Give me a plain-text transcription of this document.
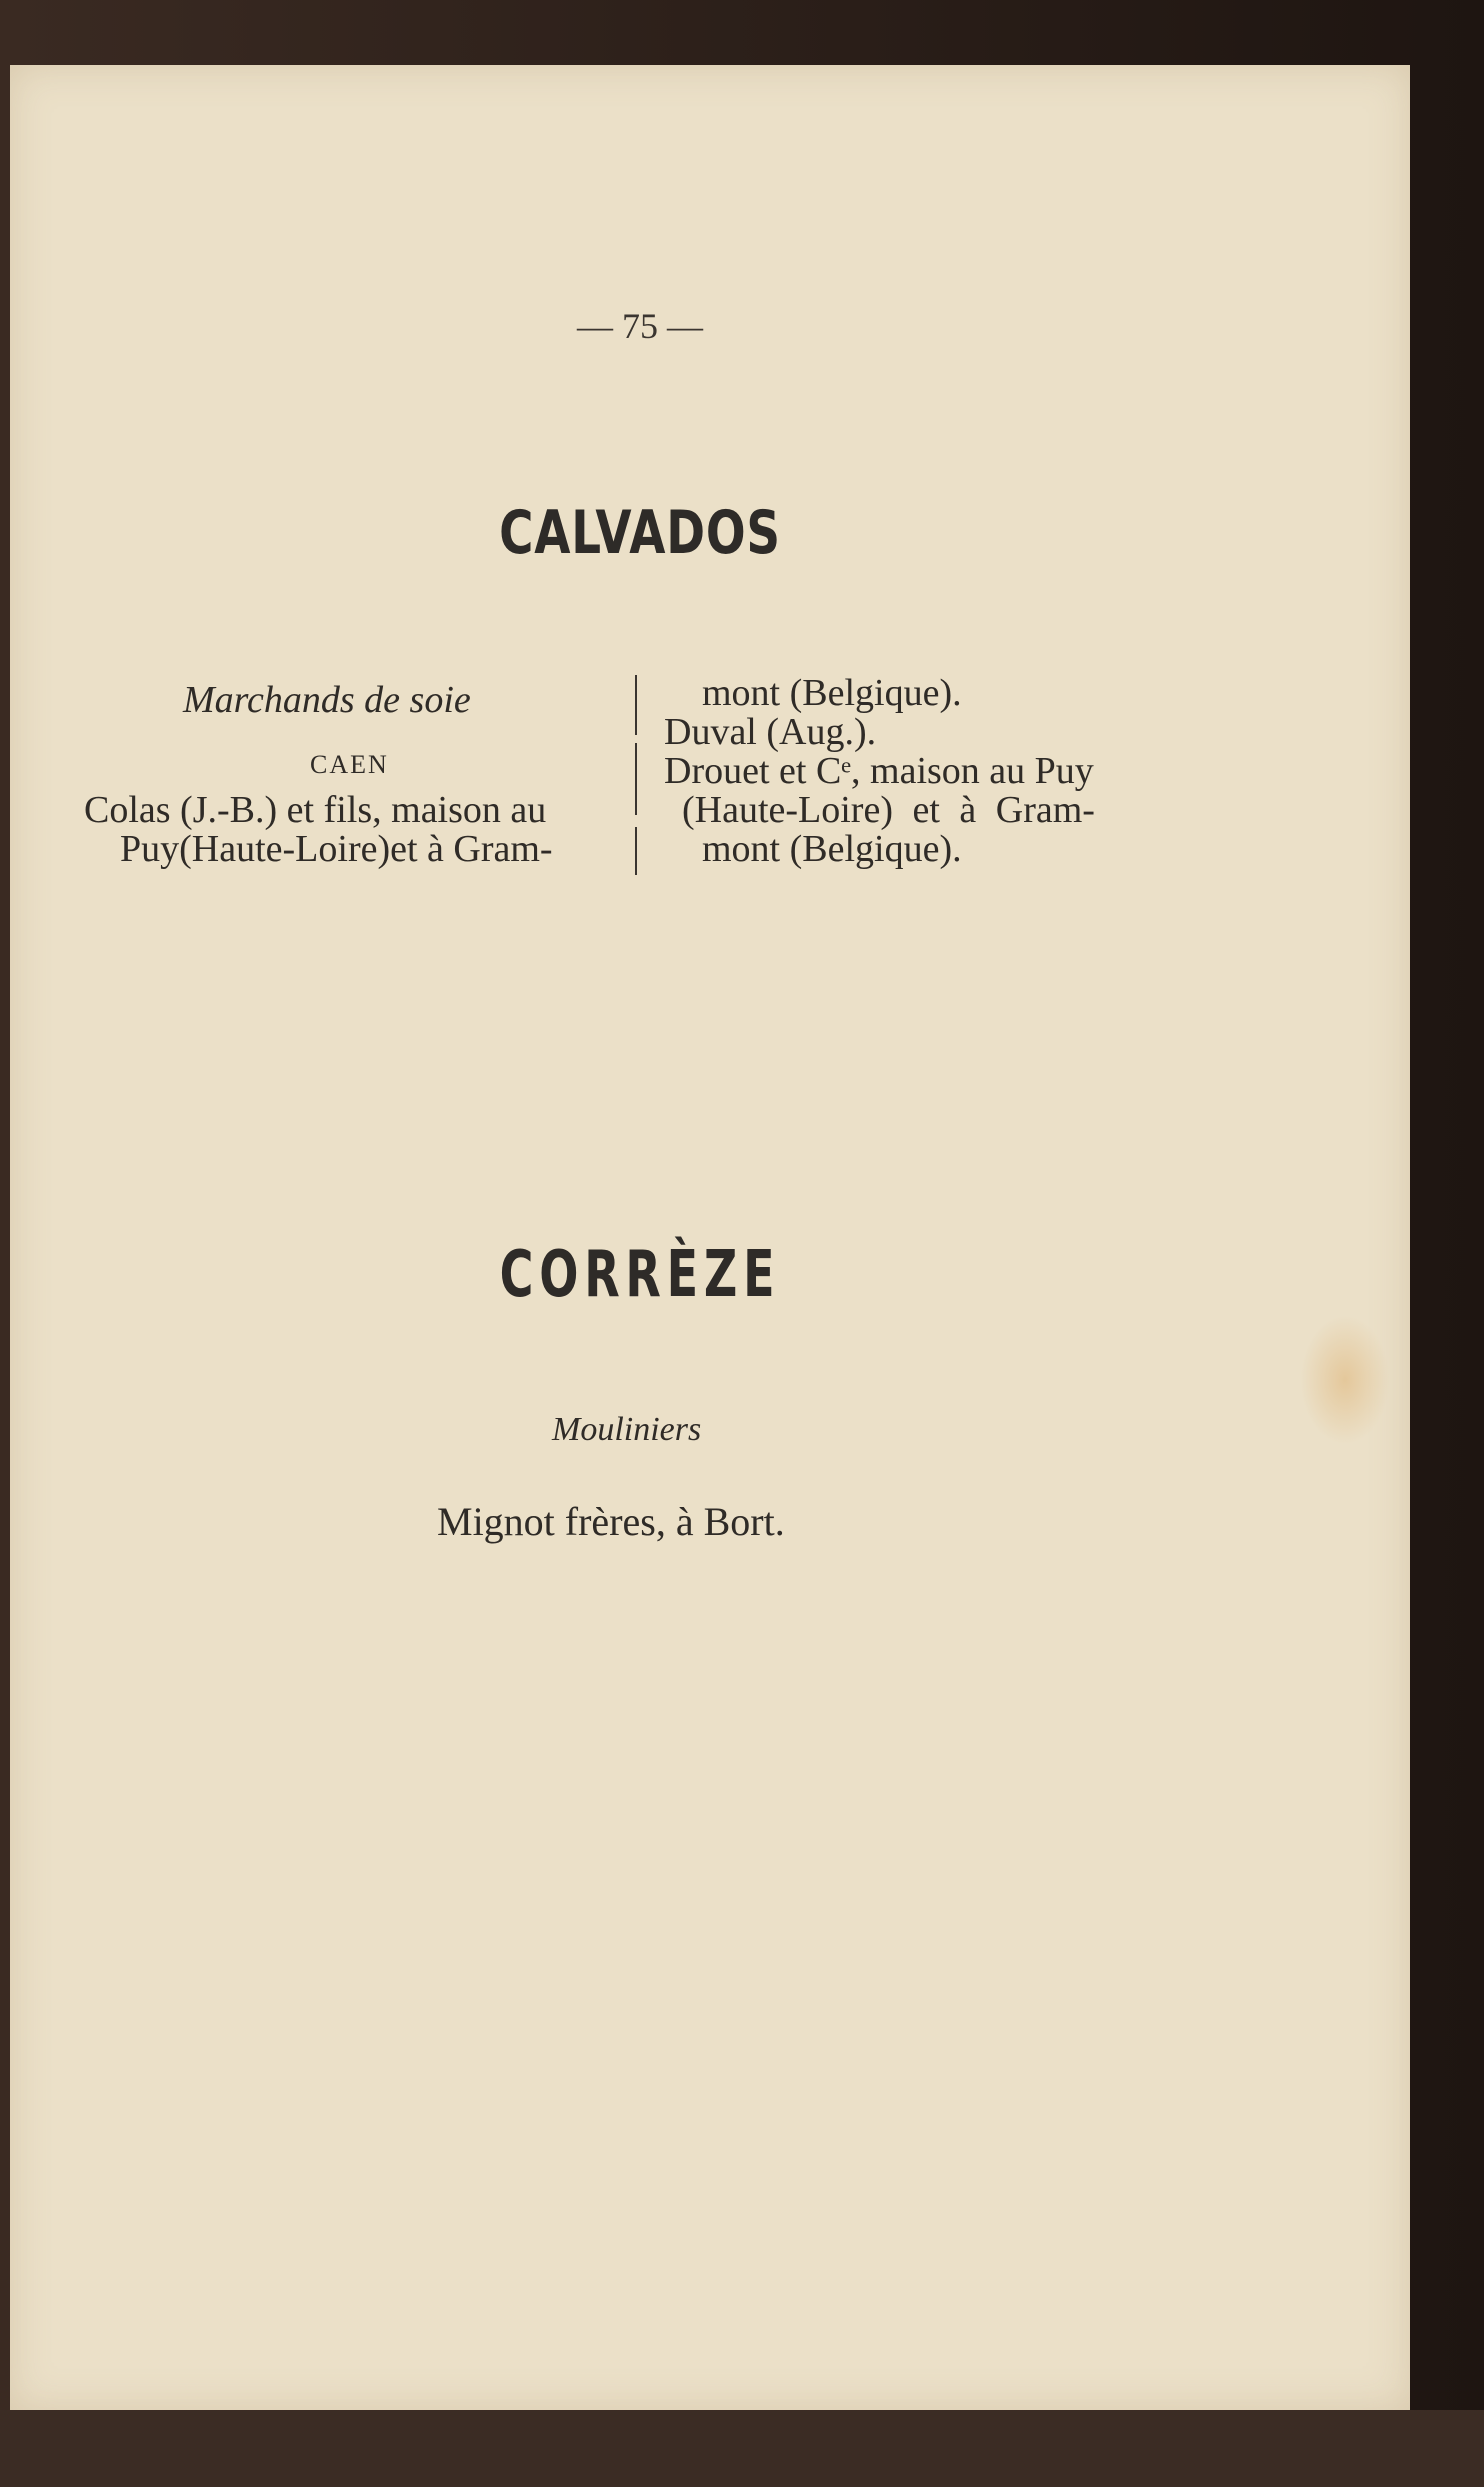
— 75 —
CALVADOS
Marchands de soie
CAEN
Colas (J.-B.) et fils, maison au
Puy(Haute-Loire)et à Gram-
mont (Belgique).
Duval (Aug.).
Drouet et Cᵉ, maison au Puy
(Haute-Loire) et à Gram-
mont (Belgique).
CORRÈZE
Mouliniers
Mignot frères, à Bort.
